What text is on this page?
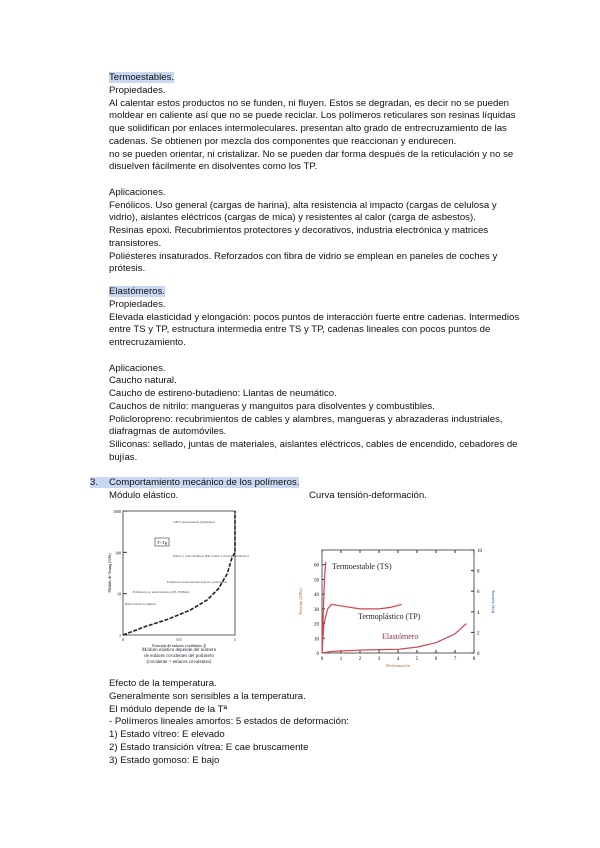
Termoestables.
Propiedades.
Al calentar estos productos no se funden, ni fluyen. Estos se degradan, es decir no se pueden
moldear en caliente así que no se puede reciclar. Los polímeros reticulares son resinas líquidas
que solidifican por enlaces intermoleculares. presentan alto grado de entrecruzamiento de las
cadenas. Se obtienen por mezcla dos componentes que reaccionan y endurecen.
no se pueden orientar, ni cristalizar. No se pueden dar forma después de la reticulación y no se
disuelven fácilmente en disolventes como los TP.
Aplicaciones.
Fenólicos. Uso general (cargas de harina), alta resistencia al impacto (cargas de celulosa y
vidrio), aislantes eléctricos (cargas de mica) y resistentes al calor (carga de asbestos).
Resinas epoxi. Recubrimientos protectores y decorativos, industria electrónica y matrices
transistores.
Poliésteres insaturados. Reforzados con fibra de vidrio se emplean en paneles de coches y
prótesis.
Elastómeros.
Propiedades.
Elevada elasticidad y elongación: pocos puntos de interacción fuerte entre cadenas. Intermedios
entre TS y TP, estructura intermedia entre TS y TP, cadenas lineales con pocos puntos de
entrecruzamiento.
Aplicaciones.
Caucho natural.
Caucho de estireno-butadieno: Llantas de neumático.
Cauchos de nitrilo: mangueras y manguitos para disolventes y combustibles.
Policloropreno: recubrimientos de cables y alambres, mangueras y abrazaderas industriales,
diafragmas de automóviles.
Siliconas: sellado, juntas de materiales, aislantes eléctricos, cables de encendido, cebadores de
bujías.
3. Comportamiento mecánico de los polímeros.
Módulo elástico.	Curva tensión-deformación.
1
10
100
1000
0	0.5	1
Fracción de enlaces covalentes, β
Módulo de Young (GPa)
T<Tg
100% entrecruzado (diamante)
Fibras y policristalinas (PE, nailon y Kevlar orientados)
Polímeros entrecruzados (epoxi, poliésteres)
Polímeros no entrecruzados (PS, PMMA)
Hidrocarburos simples
Módulo elástico depende del número
de enlaces covalentes del polímero
(covalente = enlaces covalentes)
0	1	2	3	4	5	6	7	8
0
10
20
30
40
50
60
0
2
4
6
8
10
Termoestable (TS)
Termoplástico (TP)
Elastómero
Deformación
Tensión (MPa)	Tensión (ksi)
Efecto de la temperatura.
Generalmente son sensibles a la temperatura.
El módulo depende de la Tª
- Polímeros lineales amorfos: 5 estados de deformación:
1) Estado vítreo: E elevado
2) Estado transición vítrea: E cae bruscamente
3) Estado gomoso: E bajo
